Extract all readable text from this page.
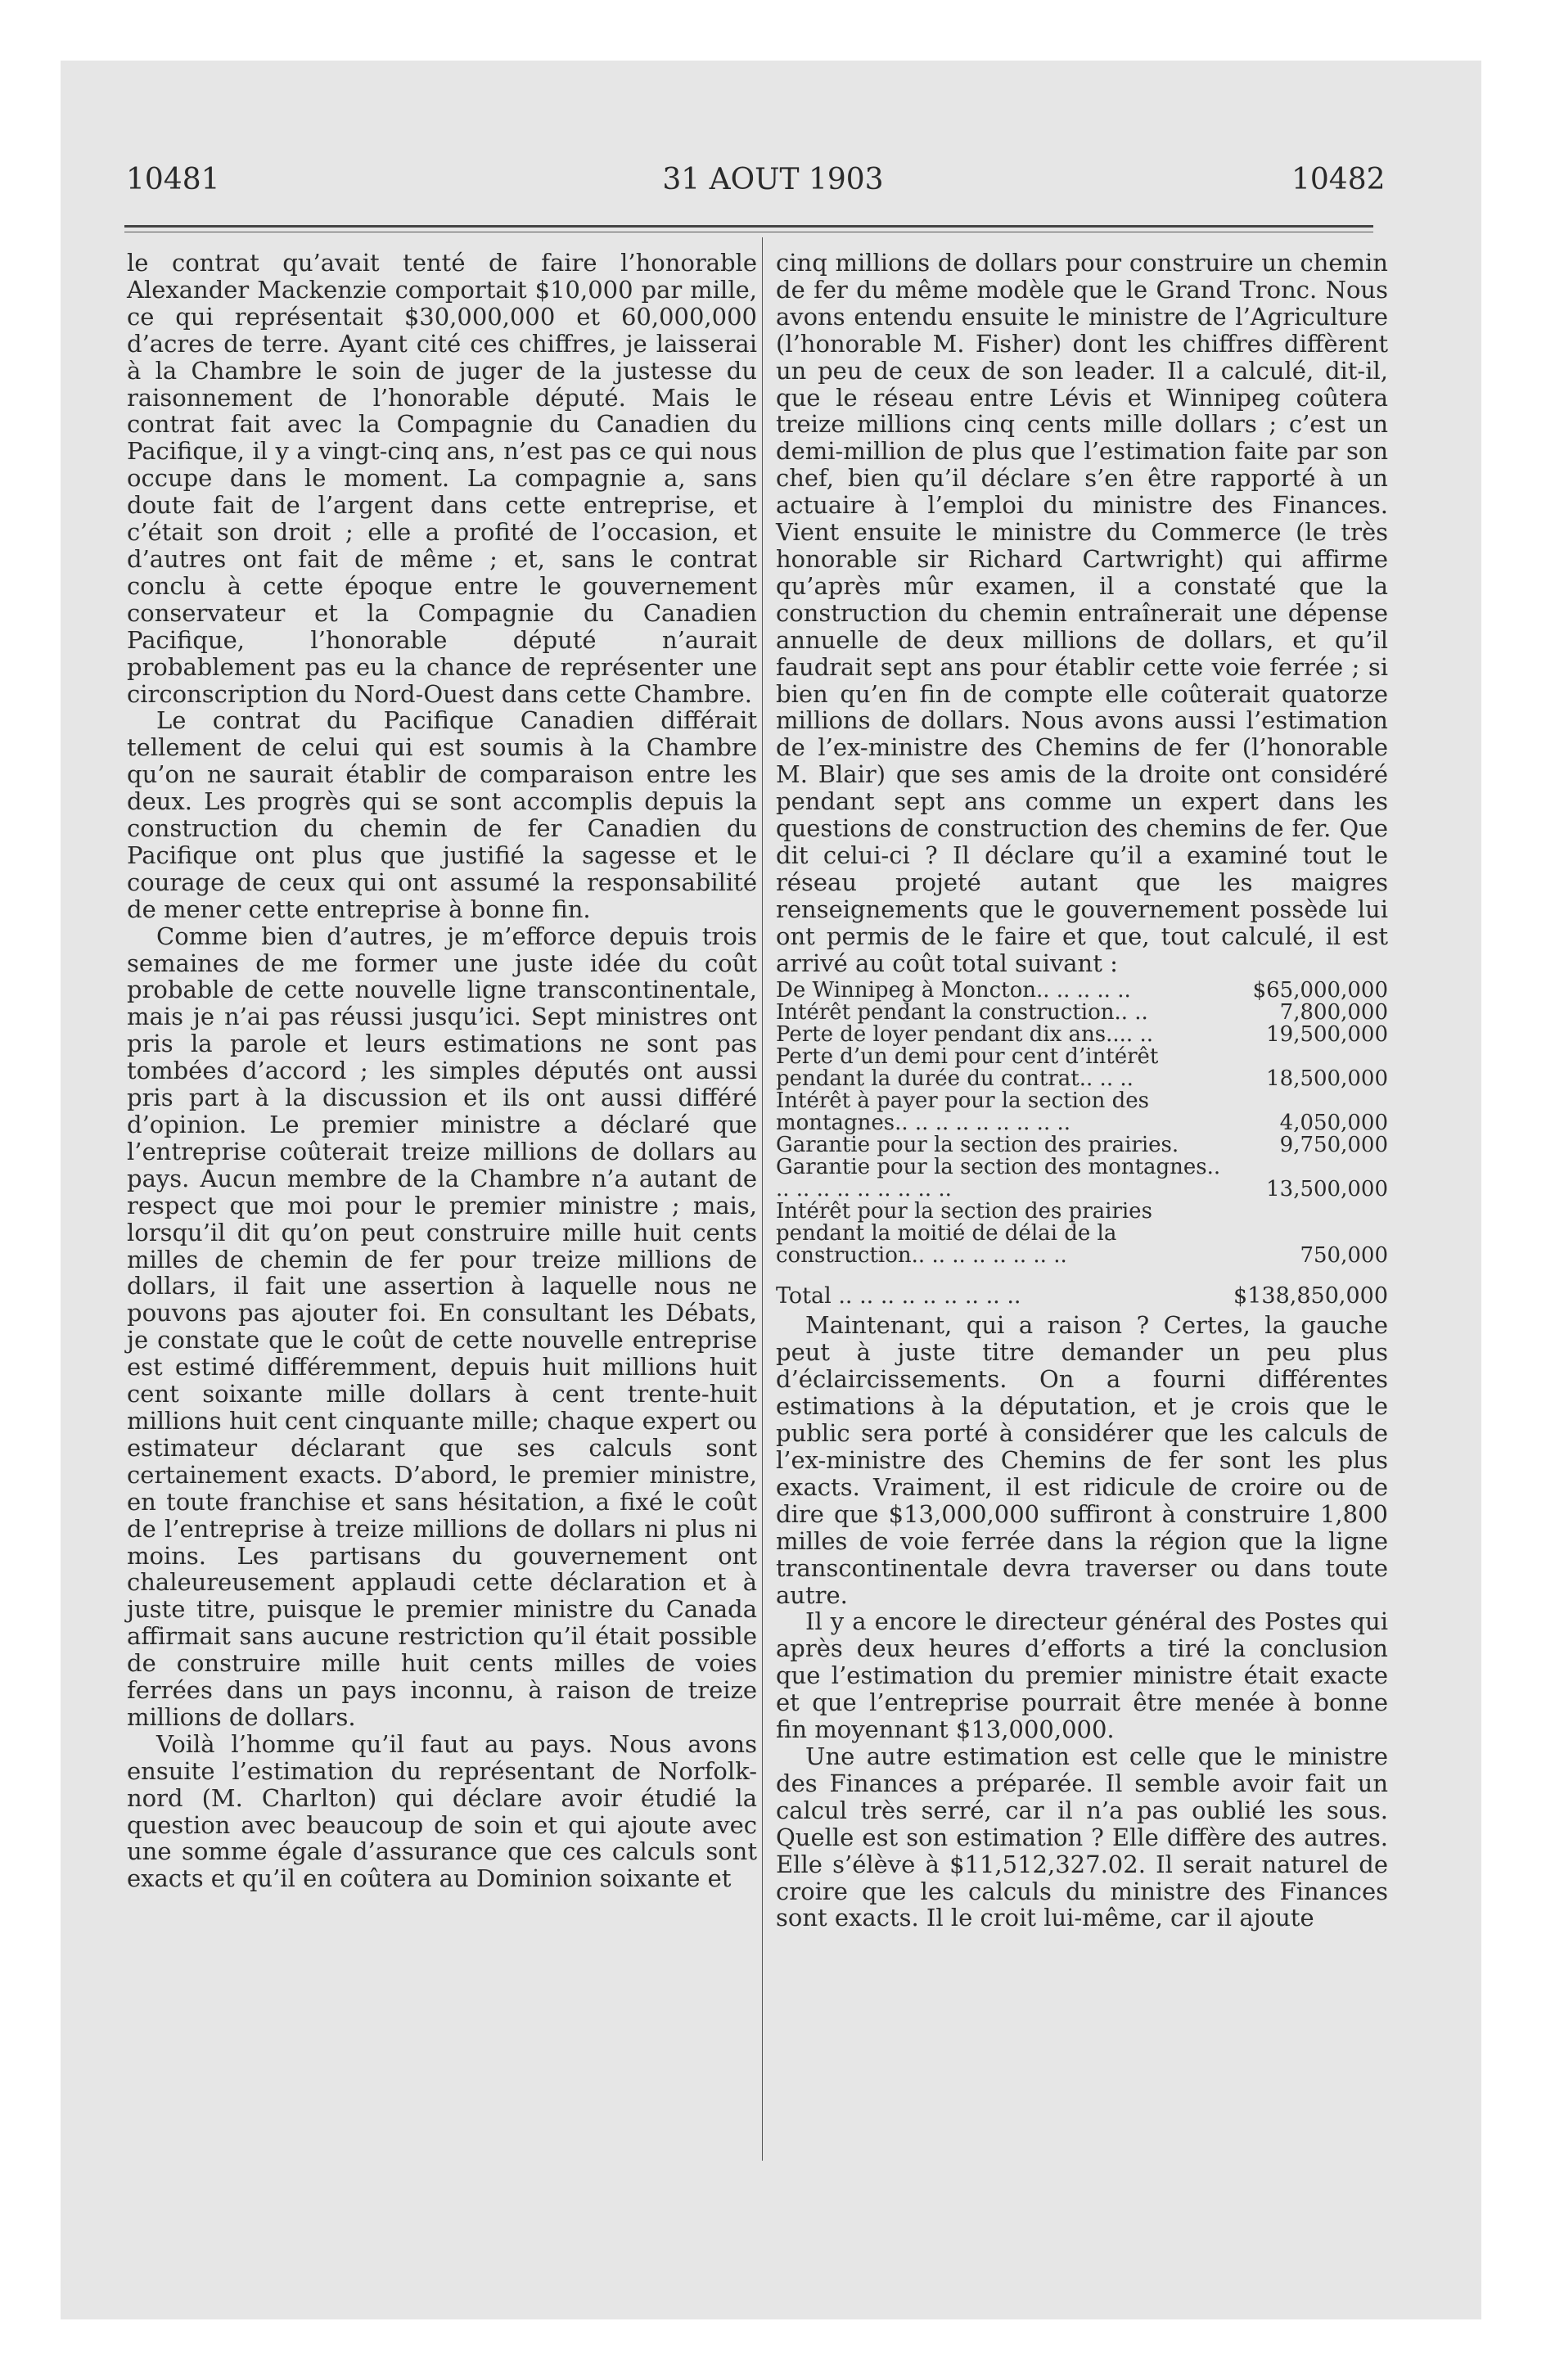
10481	31 AOUT 1903	10482

le contrat qu’avait tenté de faire l’honorable Alexander Mackenzie comportait $10,000 par mille, ce qui représentait $30,000,000 et 60,000,000 d’acres de terre. Ayant cité ces chiffres, je laisserai à la Chambre le soin de juger de la justesse du raisonnement de l’honorable député. Mais le contrat fait avec la Compagnie du Canadien du Pacifique, il y a vingt-cinq ans, n’est pas ce qui nous occupe dans le moment. La compagnie a, sans doute fait de l’argent dans cette entreprise, et c’était son droit ; elle a profité de l’occasion, et d’autres ont fait de même ; et, sans le contrat conclu à cette époque entre le gouvernement conservateur et la Compagnie du Canadien Pacifique, l’honorable député n’aurait probablement pas eu la chance de représenter une circonscription du Nord-Ouest dans cette Chambre.

Le contrat du Pacifique Canadien différait tellement de celui qui est soumis à la Chambre qu’on ne saurait établir de comparaison entre les deux. Les progrès qui se sont accomplis depuis la construction du chemin de fer Canadien du Pacifique ont plus que justifié la sagesse et le courage de ceux qui ont assumé la responsabilité de mener cette entreprise à bonne fin.

Comme bien d’autres, je m’efforce depuis trois semaines de me former une juste idée du coût probable de cette nouvelle ligne transcontinentale, mais je n’ai pas réussi jusqu’ici. Sept ministres ont pris la parole et leurs estimations ne sont pas tombées d’accord ; les simples députés ont aussi pris part à la discussion et ils ont aussi différé d’opinion. Le premier ministre a déclaré que l’entreprise coûterait treize millions de dollars au pays. Aucun membre de la Chambre n’a autant de respect que moi pour le premier ministre ; mais, lorsqu’il dit qu’on peut construire mille huit cents milles de chemin de fer pour treize millions de dollars, il fait une assertion à laquelle nous ne pouvons pas ajouter foi. En consultant les Débats, je constate que le coût de cette nouvelle entreprise est estimé différemment, depuis huit millions huit cent soixante mille dollars à cent trente-huit millions huit cent cinquante mille; chaque expert ou estimateur déclarant que ses calculs sont certainement exacts. D’abord, le premier ministre, en toute franchise et sans hésitation, a fixé le coût de l’entreprise à treize millions de dollars ni plus ni moins. Les partisans du gouvernement ont chaleureusement applaudi cette déclaration et à juste titre, puisque le premier ministre du Canada affirmait sans aucune restriction qu’il était possible de construire mille huit cents milles de voies ferrées dans un pays inconnu, à raison de treize millions de dollars.

Voilà l’homme qu’il faut au pays. Nous avons ensuite l’estimation du représentant de Norfolk-nord (M. Charlton) qui déclare avoir étudié la question avec beaucoup de soin et qui ajoute avec une somme égale d’assurance que ces calculs sont exacts et qu’il en coûtera au Dominion soixante et

cinq millions de dollars pour construire un chemin de fer du même modèle que le Grand Tronc. Nous avons entendu ensuite le ministre de l’Agriculture (l’honorable M. Fisher) dont les chiffres diffèrent un peu de ceux de son leader. Il a calculé, dit-il, que le réseau entre Lévis et Winnipeg coûtera treize millions cinq cents mille dollars ; c’est un demi-million de plus que l’estimation faite par son chef, bien qu’il déclare s’en être rapporté à un actuaire à l’emploi du ministre des Finances. Vient ensuite le ministre du Commerce (le très honorable sir Richard Cartwright) qui affirme qu’après mûr examen, il a constaté que la construction du chemin entraînerait une dépense annuelle de deux millions de dollars, et qu’il faudrait sept ans pour établir cette voie ferrée ; si bien qu’en fin de compte elle coûterait quatorze millions de dollars. Nous avons aussi l’estimation de l’ex-ministre des Chemins de fer (l’honorable M. Blair) que ses amis de la droite ont considéré pendant sept ans comme un expert dans les questions de construction des chemins de fer. Que dit celui-ci ? Il déclare qu’il a examiné tout le réseau projeté autant que les maigres renseignements que le gouvernement possède lui ont permis de le faire et que, tout calculé, il est arrivé au coût total suivant :

De Winnipeg à Moncton.. .. .. .. ..	$65,000,000
Intérêt pendant la construction.. ..	7,800,000
Perte de loyer pendant dix ans.... ..	19,500,000
Perte d’un demi pour cent d’intérêt pendant la durée du contrat.. .. ..	18,500,000
Intérêt à payer pour la section des montagnes.. .. .. .. .. .. .. .. ..	4,050,000
Garantie pour la section des prairies.	9,750,000
Garantie pour la section des montagnes.. .. .. .. .. .. .. .. .. ..	13,500,000
Intérêt pour la section des prairies pendant la moitié de délai de la construction.. .. .. .. .. .. .. ..	750,000

Total .. .. .. .. .. .. .. .. ..	$138,850,000

Maintenant, qui a raison ? Certes, la gauche peut à juste titre demander un peu plus d’éclaircissements. On a fourni différentes estimations à la députation, et je crois que le public sera porté à considérer que les calculs de l’ex-ministre des Chemins de fer sont les plus exacts. Vraiment, il est ridicule de croire ou de dire que $13,000,000 suffiront à construire 1,800 milles de voie ferrée dans la région que la ligne transcontinentale devra traverser ou dans toute autre.

Il y a encore le directeur général des Postes qui après deux heures d’efforts a tiré la conclusion que l’estimation du premier ministre était exacte et que l’entreprise pourrait être menée à bonne fin moyennant $13,000,000.

Une autre estimation est celle que le ministre des Finances a préparée. Il semble avoir fait un calcul très serré, car il n’a pas oublié les sous. Quelle est son estimation ? Elle diffère des autres. Elle s’élève à $11,512,327.02. Il serait naturel de croire que les calculs du ministre des Finances sont exacts. Il le croit lui-même, car il ajoute
